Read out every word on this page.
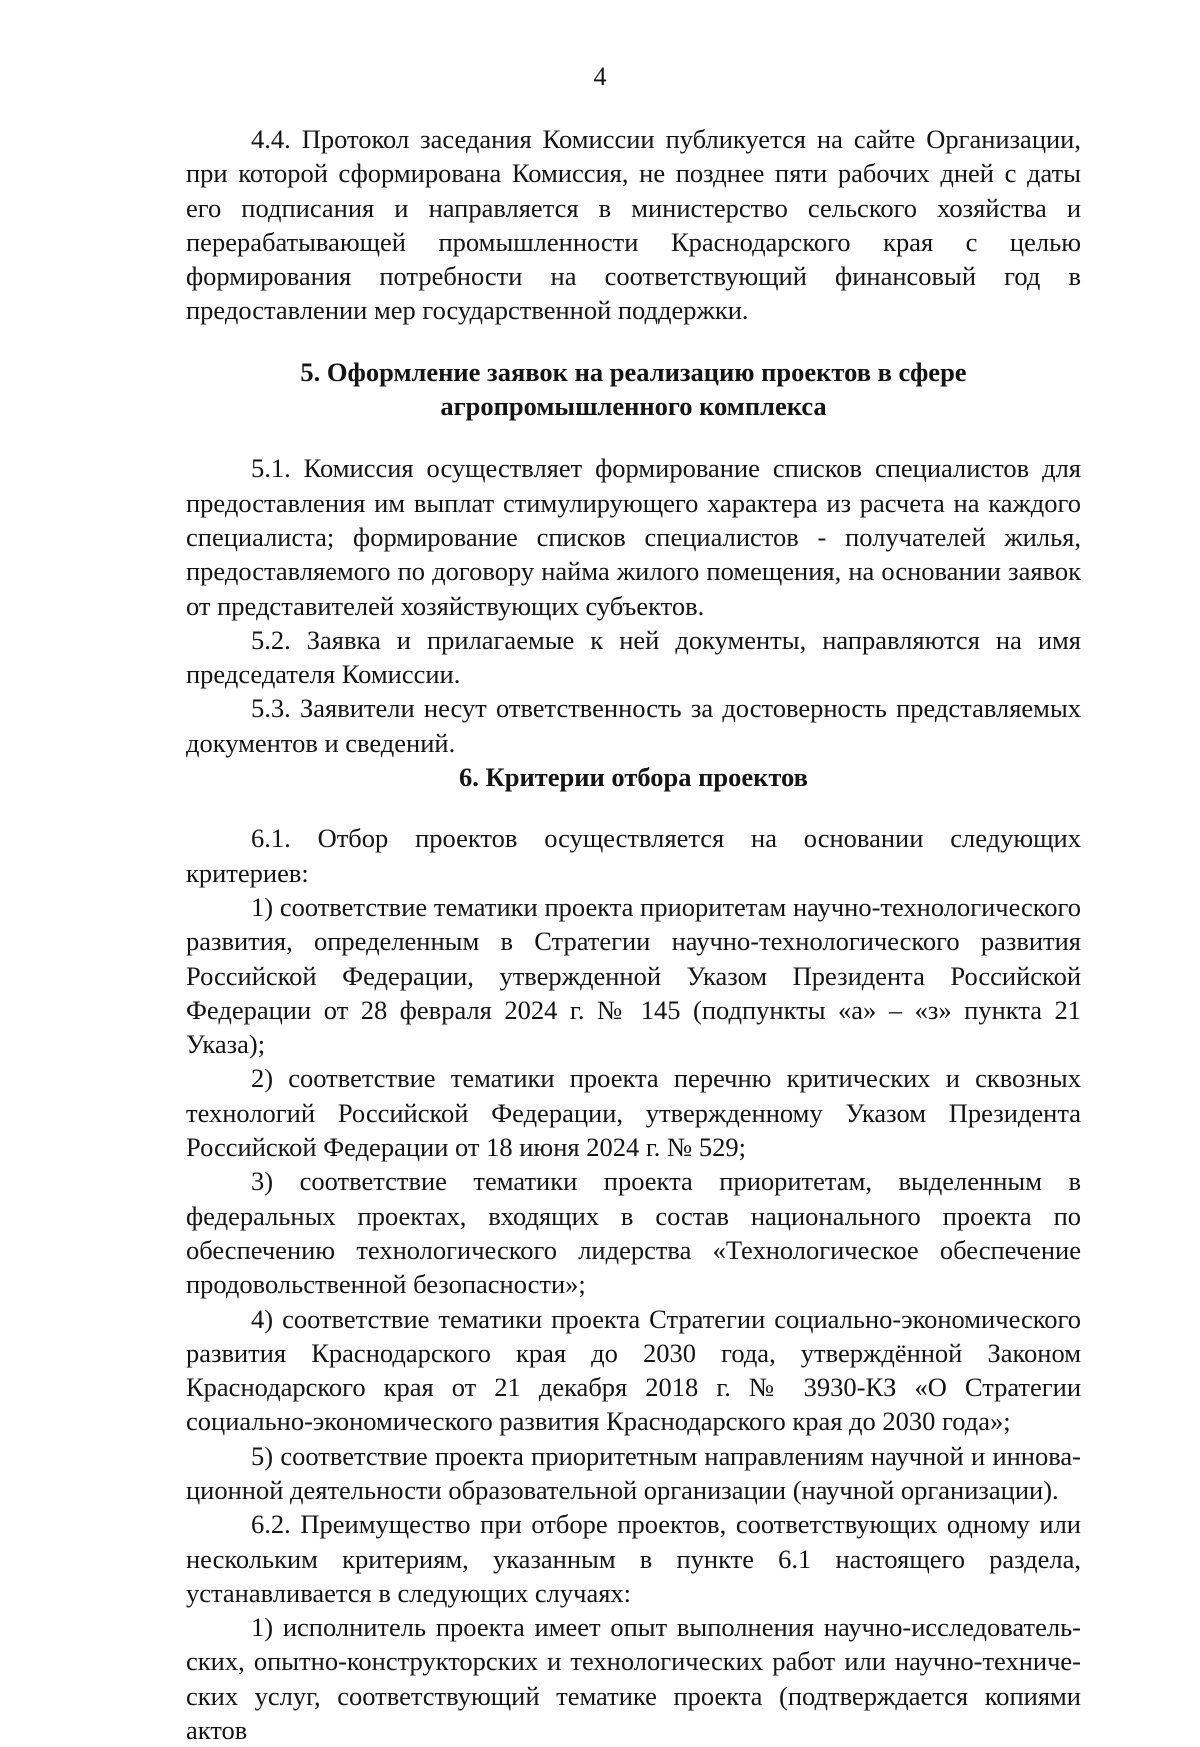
4

4.4. Протокол заседания Комиссии публикуется на сайте Организации, при которой сформирована Комиссия, не позднее пяти рабочих дней с даты его подписания и направляется в министерство сельского хозяйства и перерабатывающей промышленности Краснодарского края с целью формирования потребности на соответствующий финансовый год в предоставлении мер государственной поддержки.

5. Оформление заявок на реализацию проектов в сфере агропромышленного комплекса

5.1. Комиссия осуществляет формирование списков специалистов для предоставления им выплат стимулирующего характера из расчета на каждого специалиста; формирование списков специалистов - получателей жилья, предоставляемого по договору найма жилого помещения, на основании заявок от представителей хозяйствующих субъектов.

5.2. Заявка и прилагаемые к ней документы, направляются на имя председателя Комиссии.

5.3. Заявители несут ответственность за достоверность представляемых документов и сведений.

6. Критерии отбора проектов

6.1. Отбор проектов осуществляется на основании следующих критериев:

1) соответствие тематики проекта приоритетам научно-технологического развития, определенным в Стратегии научно-технологического развития Российской Федерации, утвержденной Указом Президента Российской Федерации от 28 февраля 2024 г. № 145 (подпункты «а» – «з» пункта 21 Указа);

2) соответствие тематики проекта перечню критических и сквозных технологий Российской Федерации, утвержденному Указом Президента Российской Федерации от 18 июня 2024 г. № 529;

3) соответствие тематики проекта приоритетам, выделенным в федеральных проектах, входящих в состав национального проекта по обеспечению технологического лидерства «Технологическое обеспечение продовольственной безопасности»;

4) соответствие тематики проекта Стратегии социально-экономического развития Краснодарского края до 2030 года, утверждённой Законом Краснодарского края от 21 декабря 2018 г. № 3930-КЗ «О Стратегии социально-экономического развития Краснодарского края до 2030 года»;

5) соответствие проекта приоритетным направлениям научной и инновационной деятельности образовательной организации (научной организации).

6.2. Преимущество при отборе проектов, соответствующих одному или нескольким критериям, указанным в пункте 6.1 настоящего раздела, устанавливается в следующих случаях:

1) исполнитель проекта имеет опыт выполнения научно-исследовательских, опытно-конструкторских и технологических работ или научно-технических услуг, соответствующий тематике проекта (подтверждается копиями актов
